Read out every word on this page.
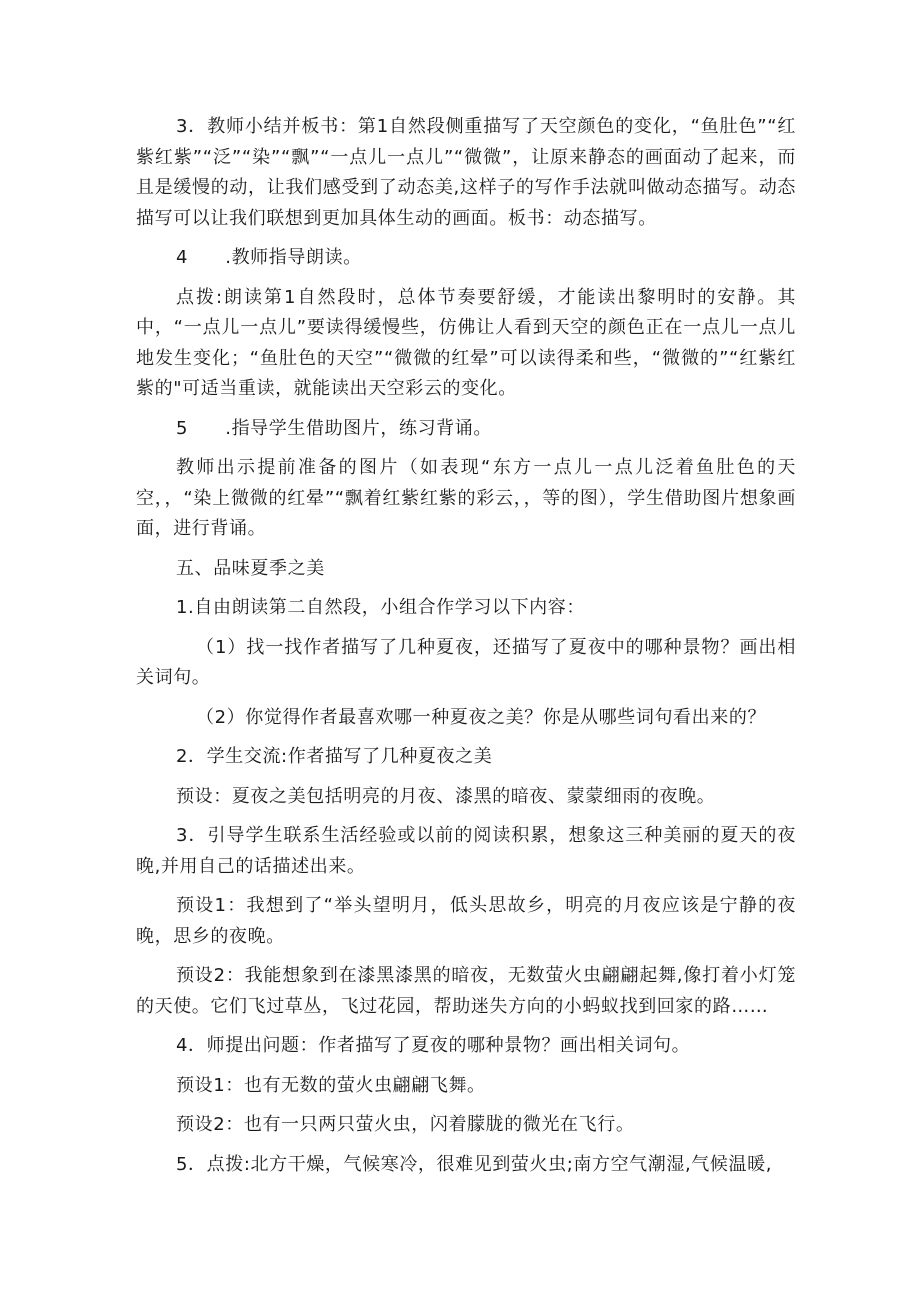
3．教师小结并板书：第1自然段侧重描写了天空颜色的变化，“鱼肚色”“红紫红紫”“泛”“染”“飘”“一点儿一点儿”“微微”，让原来静态的画面动了起来，而且是缓慢的动，让我们感受到了动态美,这样子的写作手法就叫做动态描写。动态描写可以让我们联想到更加具体生动的画面。板书：动态描写。

4　　.教师指导朗读。

点拨:朗读第1自然段时，总体节奏要舒缓，才能读出黎明时的安静。其中，“一点儿一点儿”要读得缓慢些，仿佛让人看到天空的颜色正在一点儿一点儿地发生变化；“鱼肚色的天空”“微微的红晕”可以读得柔和些，“微微的”“红紫红紫的"可适当重读，就能读出天空彩云的变化。

5　　.指导学生借助图片，练习背诵。

教师出示提前准备的图片（如表现“东方一点儿一点儿泛着鱼肚色的天空，，“染上微微的红晕”“飘着红紫红紫的彩云，，等的图），学生借助图片想象画面，进行背诵。

五、品味夏季之美

1.自由朗读第二自然段，小组合作学习以下内容：

（1）找一找作者描写了几种夏夜，还描写了夏夜中的哪种景物？画出相关词句。

（2）你觉得作者最喜欢哪一种夏夜之美？你是从哪些词句看出来的？

2．学生交流:作者描写了几种夏夜之美

预设：夏夜之美包括明亮的月夜、漆黑的暗夜、蒙蒙细雨的夜晚。

3．引导学生联系生活经验或以前的阅读积累，想象这三种美丽的夏天的夜晚,并用自己的话描述出来。

预设1：我想到了“举头望明月，低头思故乡，明亮的月夜应该是宁静的夜晚，思乡的夜晚。

预设2：我能想象到在漆黑漆黑的暗夜，无数萤火虫翩翩起舞,像打着小灯笼的天使。它们飞过草丛，飞过花园，帮助迷失方向的小蚂蚁找到回家的路……

4．师提出问题：作者描写了夏夜的哪种景物？画出相关词句。

预设1：也有无数的萤火虫翩翩飞舞。

预设2：也有一只两只萤火虫，闪着朦胧的微光在飞行。

5．点拨:北方干燥，气候寒冷，很难见到萤火虫;南方空气潮湿,气候温暖,
